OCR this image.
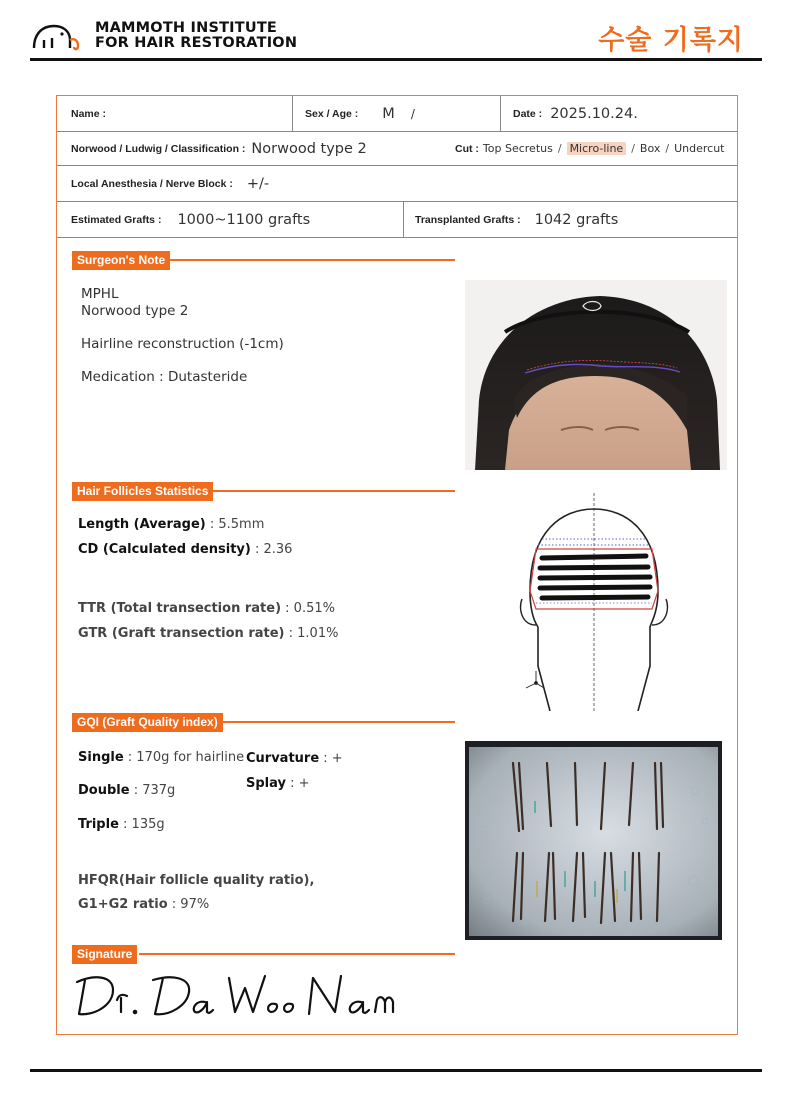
MAMMOTH INSTITUTE
FOR HAIR RESTORATION	수술 기록지
Name :	Sex / Age : M /	Date : 2025.10.24.
Norwood / Ludwig / Classification : Norwood type 2	Cut : Top Secretus / Micro-line / Box / Undercut
Local Anesthesia / Nerve Block : +/-
Estimated Grafts : 1000~1100 grafts	Transplanted Grafts : 1042 grafts
Surgeon's Note
MPHL
Norwood type 2
Hairline reconstruction (-1cm)
Medication : Dutasteride
Hair Follicles Statistics
Length (Average) : 5.5mm
CD (Calculated density) : 2.36
TTR (Total transection rate) : 0.51%
GTR (Graft transection rate) : 1.01%
GQI (Graft Quality index)
Single : 170g for hairline
Double : 737g
Triple : 135g
Curvature : +
Splay : +
HFQR(Hair follicle quality ratio),
G1+G2 ratio : 97%
Signature
